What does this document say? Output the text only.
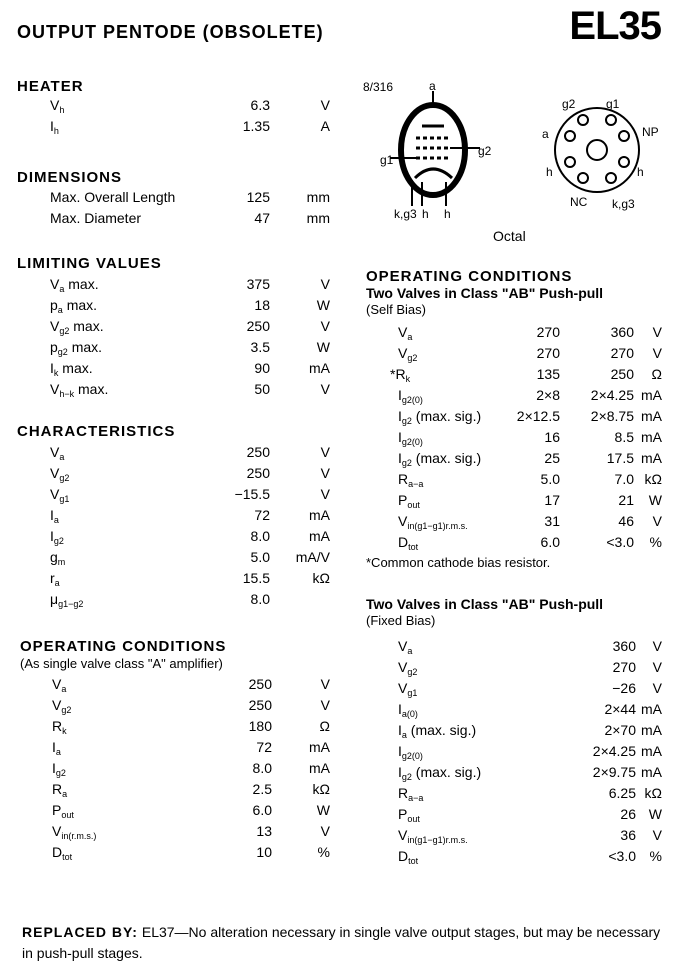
OUTPUT PENTODE (OBSOLETE)	EL35
HEATER
$V_h$	6.3	V
$I_h$	1.35	A
DIMENSIONS
Max. Overall Length	125	mm
Max. Diameter	47	mm
LIMITING VALUES
$V_a$ max.	375	V
$p_a$ max.	18	W
$V_{g2}$ max.	250	V
$p_{g2}$ max.	3.5	W
$I_k$ max.	90	mA
$V_{h-k}$ max.	50	V
CHARACTERISTICS
$V_a$	250	V
$V_{g2}$	250	V
$V_{g1}$	−15.5	V
$I_a$	72	mA
$I_{g2}$	8.0	mA
$g_m$	5.0 mA/V
$r_a$	15.5	kΩ
$\mu_{g1-g2}$	8.0
OPERATING CONDITIONS
(As single valve class "A" amplifier)
$V_a$	250	V
$V_{g2}$	250	V
$R_k$	180	Ω
$I_a$	72	mA
$I_{g2}$	8.0	mA
$R_a$	2.5	kΩ
$P_{out}$	6.0	W
$V_{in(r.m.s.)}$	13	V
$D_{tot}$	10	%
8/316	a
g1
g2
k,g3 h h
g2	g1
a	NP
h	h
NC k,g3
Octal
OPERATING CONDITIONS
Two Valves in Class "AB" Push-pull
(Self Bias)
$V_a$	270	360 V
$V_{g2}$	270	270 V
$*R_k$	135	250 Ω
$I_{g2(0)}$	2×8 2×4.25 mA
$I_{g2}$ (max. sig.)	2×12.5 2×8.75 mA
$I_{g2(0)}$	16	8.5 mA
$I_{g2}$ (max. sig.)	25	17.5 mA
$R_{a-a}$	5.0	7.0 kΩ
$P_{out}$	17	21 W
$V_{in(g1-g1)r.m.s.}$	31	46 V
$D_{tot}$	6.0	<3.0 %
*Common cathode bias resistor.
Two Valves in Class "AB" Push-pull
(Fixed Bias)
$V_a$	360 V
$V_{g2}$	270 V
$V_{g1}$	−26 V
$I_{a(0)}$	2×44 mA
$I_a$ (max. sig.)	2×70 mA
$I_{g2(0)}$	2×4.25 mA
$I_{g2}$ (max. sig.)	2×9.75 mA
$R_{a-a}$	6.25 kΩ
$P_{out}$	26 W
$V_{in(g1-g1)r.m.s.}$	36 V
$D_{tot}$	<3.0 %
REPLACED BY: EL37—No alteration necessary in single valve output stages, but may be necessary in push-pull stages.
